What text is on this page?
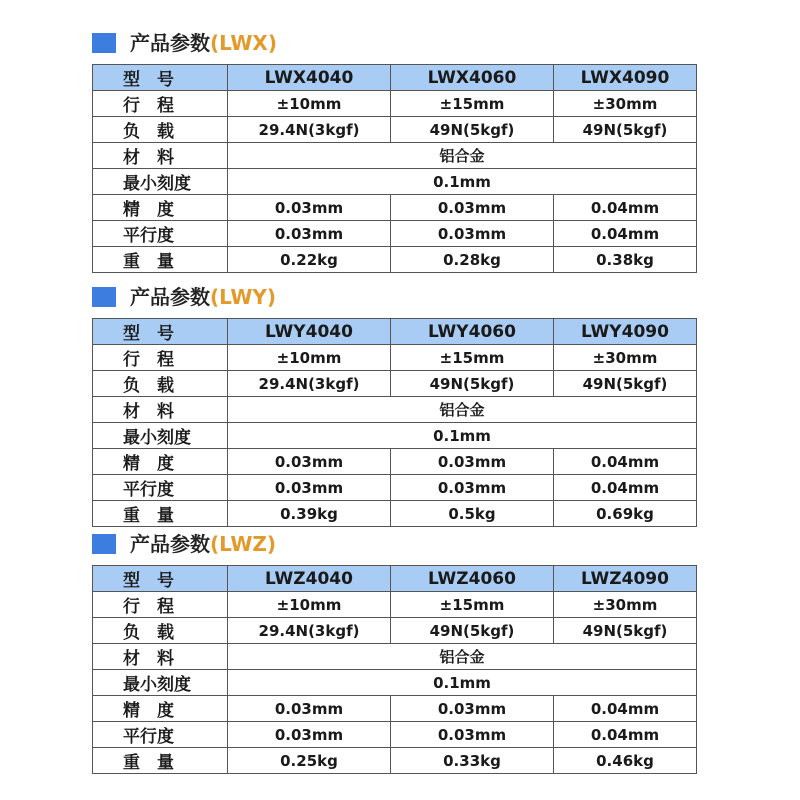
产品参数(LWX)
型　号	LWX4040	LWX4060	LWX4090
行　程	±10mm	±15mm	±30mm
负　载	29.4N(3kgf)	49N(5kgf)	49N(5kgf)
材　料	铝合金		
最小刻度	0.1mm		
精　度	0.03mm	0.03mm	0.04mm
平行度	0.03mm	0.03mm	0.04mm
重　量	0.22kg	0.28kg	0.38kg
产品参数(LWY)
型　号	LWY4040	LWY4060	LWY4090
行　程	±10mm	±15mm	±30mm
负　载	29.4N(3kgf)	49N(5kgf)	49N(5kgf)
材　料	铝合金		
最小刻度	0.1mm		
精　度	0.03mm	0.03mm	0.04mm
平行度	0.03mm	0.03mm	0.04mm
重　量	0.39kg	0.5kg	0.69kg
产品参数(LWZ)
型　号	LWZ4040	LWZ4060	LWZ4090
行　程	±10mm	±15mm	±30mm
负　载	29.4N(3kgf)	49N(5kgf)	49N(5kgf)
材　料	铝合金		
最小刻度	0.1mm		
精　度	0.03mm	0.03mm	0.04mm
平行度	0.03mm	0.03mm	0.04mm
重　量	0.25kg	0.33kg	0.46kg
